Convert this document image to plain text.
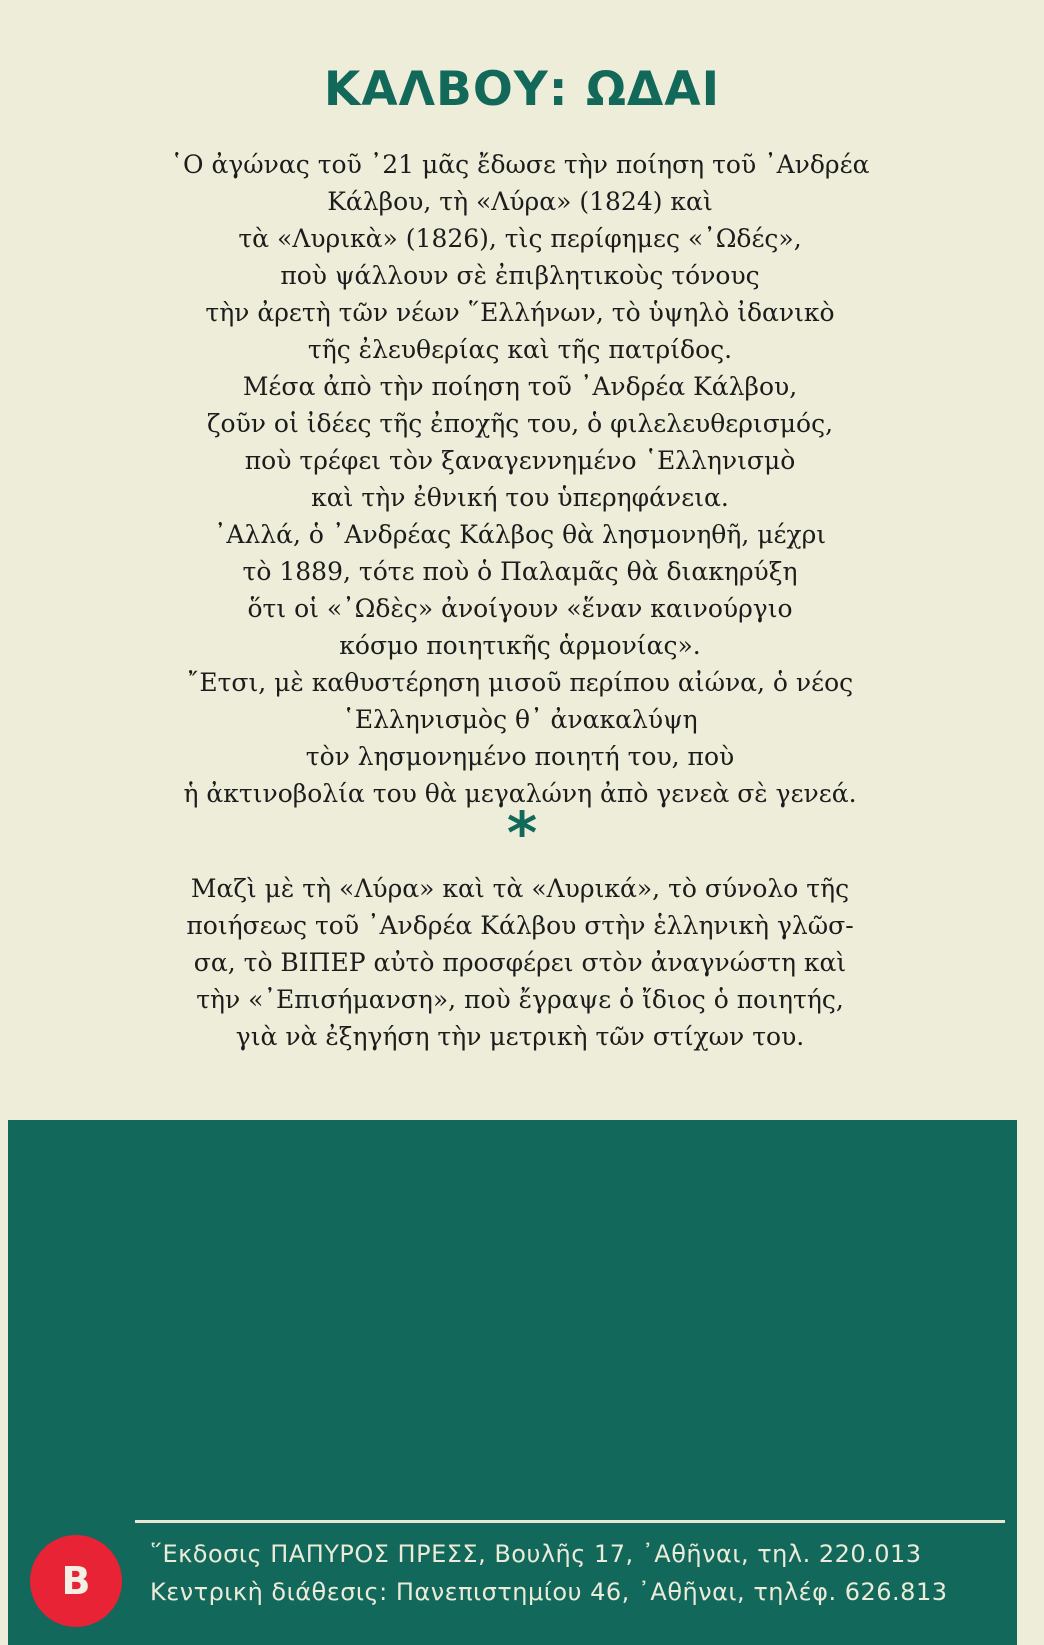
ΚΑΛΒΟΥ: ΩΔΑΙ
῾Ο ἀγώνας τοῦ ᾿21 μᾶς ἔδωσε τὴν ποίηση τοῦ ᾿Ανδρέα
Κάλβου, τὴ «Λύρα» (1824) καὶ
τὰ «Λυρικὰ» (1826), τὶς περίφημες «᾿Ωδές»,
ποὺ ψάλλουν σὲ ἐπιβλητικοὺς τόνους
τὴν ἀρετὴ τῶν νέων ῞Ελλήνων, τὸ ὑψηλὸ ἰδανικὸ
τῆς ἐλευθερίας καὶ τῆς πατρίδος.
Μέσα ἀπὸ τὴν ποίηση τοῦ ᾿Ανδρέα Κάλβου,
ζοῦν οἱ ἰδέες τῆς ἐποχῆς του, ὁ φιλελευθερισμός,
ποὺ τρέφει τὸν ξαναγεννημένο ῾Ελληνισμὸ
καὶ τὴν ἐθνική του ὑπερηφάνεια.
᾿Αλλά, ὁ ᾿Ανδρέας Κάλβος θὰ λησμονηθῆ, μέχρι
τὸ 1889, τότε ποὺ ὁ Παλαμᾶς θὰ διακηρύξη
ὅτι οἱ «᾿Ωδὲς» ἀνοίγουν «ἕναν καινούργιο
κόσμο ποιητικῆς ἁρμονίας».
῎Ετσι, μὲ καθυστέρηση μισοῦ περίπου αἰώνα, ὁ νέος
῾Ελληνισμὸς θ᾿ ἀνακαλύψη
τὸν λησμονημένο ποιητή του, ποὺ
ἡ ἀκτινοβολία του θὰ μεγαλώνη ἀπὸ γενεὰ σὲ γενεά.
*
Μαζὶ μὲ τὴ «Λύρα» καὶ τὰ «Λυρικά», τὸ σύνολο τῆς
ποιήσεως τοῦ ᾿Ανδρέα Κάλβου στὴν ἑλληνικὴ γλῶσ-
σα, τὸ ΒΙΠΕΡ αὐτὸ προσφέρει στὸν ἀναγνώστη καὶ
τὴν «᾿Επισήμανση», ποὺ ἔγραψε ὁ ἴδιος ὁ ποιητής,
γιὰ νὰ ἐξηγήση τὴν μετρικὴ τῶν στίχων του.
Β
῞Εκδοσις ΠΑΠΥΡΟΣ ΠΡΕΣΣ, Βουλῆς 17, ᾿Αθῆναι, τηλ. 220.013
Κεντρικὴ διάθεσις: Πανεπιστημίου 46, ᾿Αθῆναι, τηλέφ. 626.813
